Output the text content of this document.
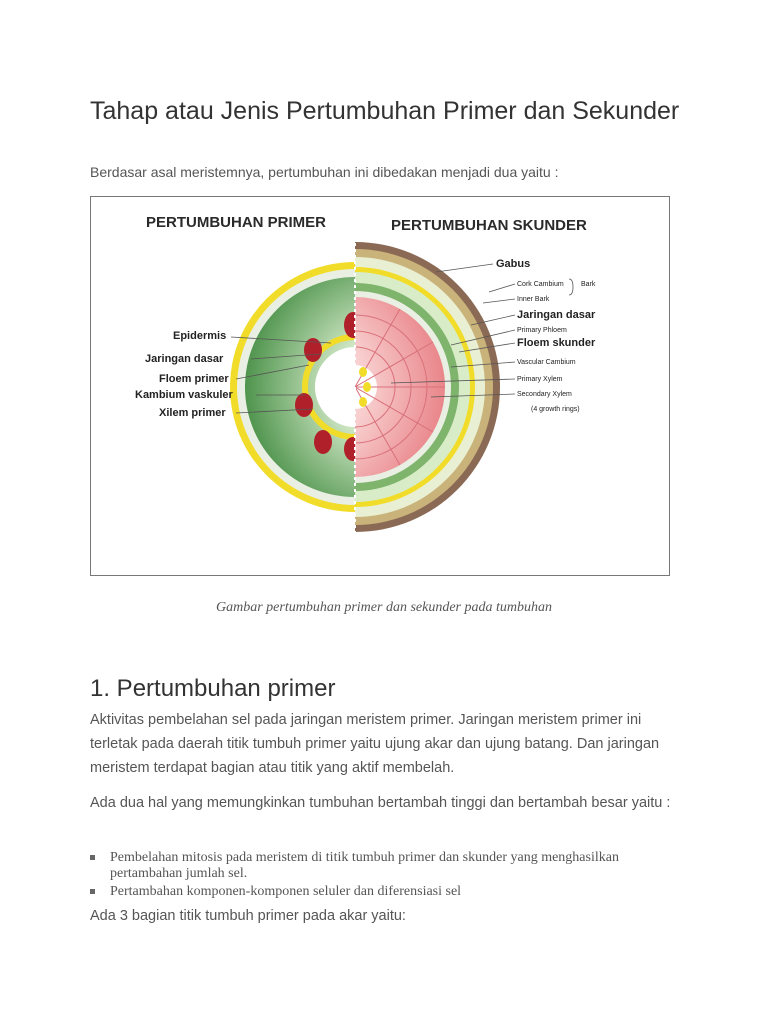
Tahap atau Jenis Pertumbuhan Primer dan Sekunder

Berdasar asal meristemnya, pertumbuhan ini dibedakan menjadi dua yaitu :

PERTUMBUHAN PRIMER	PERTUMBUHAN SKUNDER
Epidermis
Jaringan dasar
Floem primer
Kambium vaskuler
Xilem primer
Gabus
Cork Cambium Bark
Inner Bark
Jaringan dasar
Primary Phloem
Floem skunder
Vascular Cambium
Primary Xylem
Secondary Xylem
(4 growth rings)

Gambar pertumbuhan primer dan sekunder pada tumbuhan

1. Pertumbuhan primer

Aktivitas pembelahan sel pada jaringan meristem primer. Jaringan meristem primer ini terletak pada daerah titik tumbuh primer yaitu ujung akar dan ujung batang. Dan jaringan meristem terdapat bagian atau titik yang aktif membelah.

Ada dua hal yang memungkinkan tumbuhan bertambah tinggi dan bertambah besar yaitu :

Pembelahan mitosis pada meristem di titik tumbuh primer dan skunder yang menghasilkan pertambahan jumlah sel.
Pertambahan komponen-komponen seluler dan diferensiasi sel

Ada 3 bagian titik tumbuh primer pada akar yaitu:
